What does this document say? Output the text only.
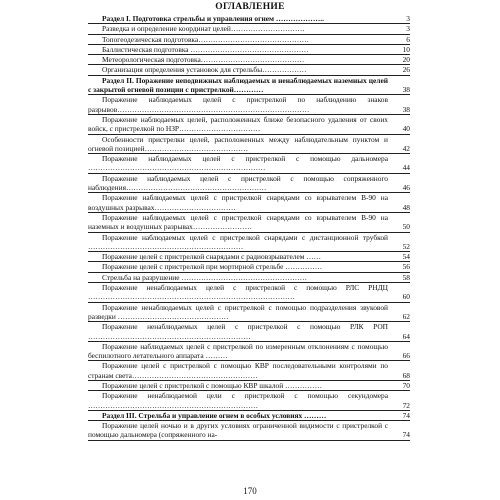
ОГЛАВЛЕНИЕ
Раздел I. Подготовка стрельбы и управления огнем ………………..	3
Разведка и определение координат целей…………………………	3
Топогеодезическая подготовка………………………………………	6
Баллистическая подготовка …………………………………………	10
Метеорологическая подготовка……………………………………	20
Организация определения установок для стрельбы………………	26
Раздел II. Поражение неподвижных наблюдаемых и ненаблюдаемых наземных целей с закрытой огневой позиции с пристрелкой…………	38
Поражение наблюдаемых целей с пристрелкой по наблюдению знаков разрывов……………………………………………………………………	38
Поражение наблюдаемых целей, расположенных ближе безопасного удаления от своих войск, с пристрелкой по НЗР……………………………	40
Особенности пристрелки целей, расположенных между наблюдательным пунктом и огневой позицией……………………………………	42
Поражение наблюдаемых целей с пристрелкой с помощью дальномера ………………………………………………………………	44
Поражение наблюдаемых целей с пристрелкой с помощью сопряженного наблюдения…………………………………………………	46
Поражение наблюдаемых целей с пристрелкой снарядами со взрывателем В-90 на воздушных разрывах……………………………	48
Поражение наблюдаемых целей с пристрелкой снарядами со взрывателем В-90 на наземных и воздушных разрывах……………………	50
Поражение наблюдаемых целей с пристрелкой снарядами с дистанционной трубкой ………………………………………………………	52
Поражение целей с пристрелкой снарядами с радиовзрывателем ……	54
Поражение целей с пристрелкой при мортирной стрельбе ……………	56
Стрельба на разрушение ……………………………………………	58
Поражение ненаблюдаемых целей с пристрелкой с помощью РЛС РНДЦ …………………………………………………………………………	60
Поражение ненаблюдаемых целей с пристрелкой с помощью подразделения звуковой разведки ………………………………………	62
Поражение ненаблюдаемых целей с пристрелкой с помощью РЛК РОП …………………………………………………………	64
Поражение наблюдаемых целей с пристрелкой по измеренным отклонениям с помощью беспилотного летательного аппарата ………	66
Поражение целей с пристрелкой с помощью КВР последовательными контролями по странам света……………………………………………	68
Поражение целей с пристрелкой с помощью КВР шкалой ……………	70
Поражение ненаблюдаемой цели с пристрелкой с помощью секундомера ……………………………………………………………	72
Раздел III. Стрельба и управление огнем в особых условиях ………	74
Поражение целей ночью и в других условиях ограниченной видимости с пристрелкой с помощью дальномера (сопряженного на-	74
170
